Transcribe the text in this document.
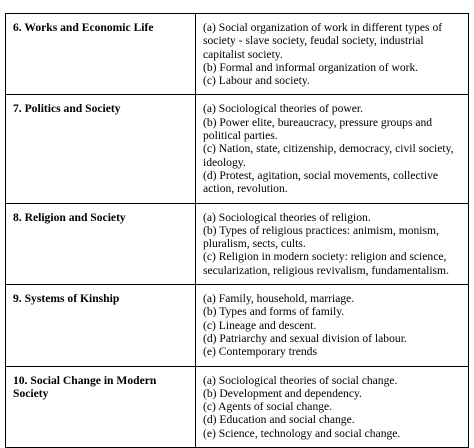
6. Works and Economic Life	(a) Social organization of work in different types of society - slave society, feudal society, industrial capitalist society.
(b) Formal and informal organization of work.
(c) Labour and society.

7. Politics and Society	(a) Sociological theories of power.
(b) Power elite, bureaucracy, pressure groups and political parties.
(c) Nation, state, citizenship, democracy, civil society, ideology.
(d) Protest, agitation, social movements, collective action, revolution.

8. Religion and Society	(a) Sociological theories of religion.
(b) Types of religious practices: animism, monism, pluralism, sects, cults.
(c) Religion in modern society: religion and science, secularization, religious revivalism, fundamentalism.

9. Systems of Kinship	(a) Family, household, marriage.
(b) Types and forms of family.
(c) Lineage and descent.
(d) Patriarchy and sexual division of labour.
(e) Contemporary trends

10. Social Change in Modern Society	(a) Sociological theories of social change.
(b) Development and dependency.
(c) Agents of social change.
(d) Education and social change.
(e) Science, technology and social change.
